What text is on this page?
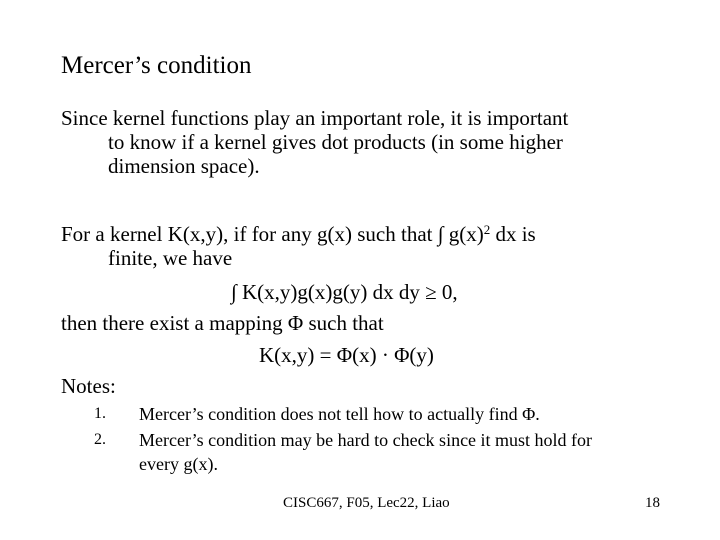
Mercer’s condition
Since kernel functions play an important role, it is important
to know if a kernel gives dot products (in some higher
dimension space).
For a kernel K(x,y), if for any g(x) such that ∫ $g(x)^2$ dx is
finite, we have
∫ K(x,y)g(x)g(y) dx dy ≥ 0,
then there exist a mapping Φ such that
K(x,y) = Φ(x) · Φ(y)
Notes:
1. Mercer’s condition does not tell how to actually find Φ.
2. Mercer’s condition may be hard to check since it must hold for
every g(x).
CISC667, F05, Lec22, Liao	18
